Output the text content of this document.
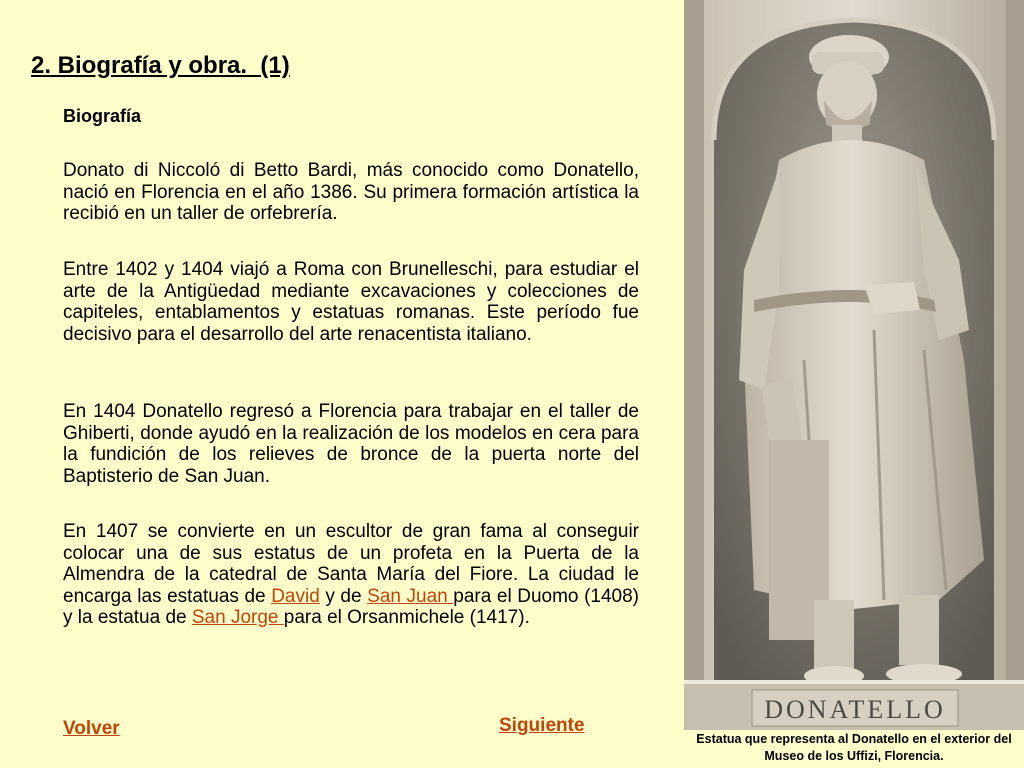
2. Biografía y obra.  (1)
Biografía

Donato di Niccoló di Betto Bardi, más conocido como Donatello, nació en Florencia en el año 1386. Su primera formación artística la recibió en un taller de orfebrería.

Entre 1402 y 1404 viajó a Roma con Brunelleschi, para estudiar el arte de la Antigüedad mediante excavaciones y colecciones de capiteles, entablamentos y estatuas romanas. Este período fue decisivo para el desarrollo del arte renacentista italiano.

En 1404 Donatello regresó a Florencia para trabajar en el taller de Ghiberti, donde ayudó en la realización de los modelos en cera para la fundición de los relieves de bronce de la puerta norte del Baptisterio de San Juan.

En 1407 se convierte en un escultor de gran fama al conseguir colocar una de sus estatus de un profeta en la Puerta de la Almendra de la catedral de Santa María del Fiore. La ciudad le encarga las estatuas de David y de San Juan para el Duomo (1408) y la estatua de San Jorge para el Orsanmichele (1417).

Volver	Siguiente
DONATELLO
Estatua que representa al Donatello en el exterior del Museo de los Uffizi, Florencia.
